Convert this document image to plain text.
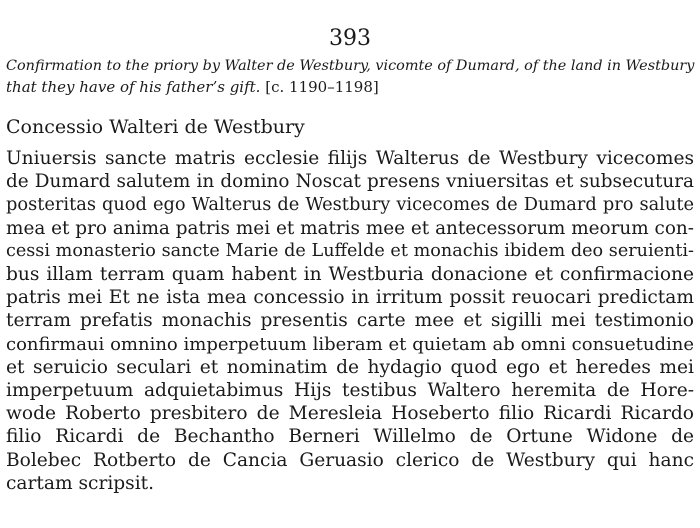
393
Confirmation to the priory by Walter de Westbury, vicomte of Dumard, of the land in Westbury
that they have of his father’s gift. [c. 1190–1198]
Concessio Walteri de Westbury
Uniuersis sancte matris ecclesie filijs Walterus de Westbury vicecomes
de Dumard salutem in domino Noscat presens vniuersitas et subsecutura
posteritas quod ego Walterus de Westbury vicecomes de Dumard pro salute
mea et pro anima patris mei et matris mee et antecessorum meorum con-
cessi monasterio sancte Marie de Luffelde et monachis ibidem deo seruienti-
bus illam terram quam habent in Westburia donacione et confirmacione
patris mei Et ne ista mea concessio in irritum possit reuocari predictam
terram prefatis monachis presentis carte mee et sigilli mei testimonio
confirmaui omnino imperpetuum liberam et quietam ab omni consuetudine
et seruicio seculari et nominatim de hydagio quod ego et heredes mei
imperpetuum adquietabimus Hijs testibus Waltero heremita de Hore-
wode Roberto presbitero de Meresleia Hoseberto filio Ricardi Ricardo
filio Ricardi de Bechantho Berneri Willelmo de Ortune Widone de
Bolebec Rotberto de Cancia Geruasio clerico de Westbury qui hanc
cartam scripsit.
